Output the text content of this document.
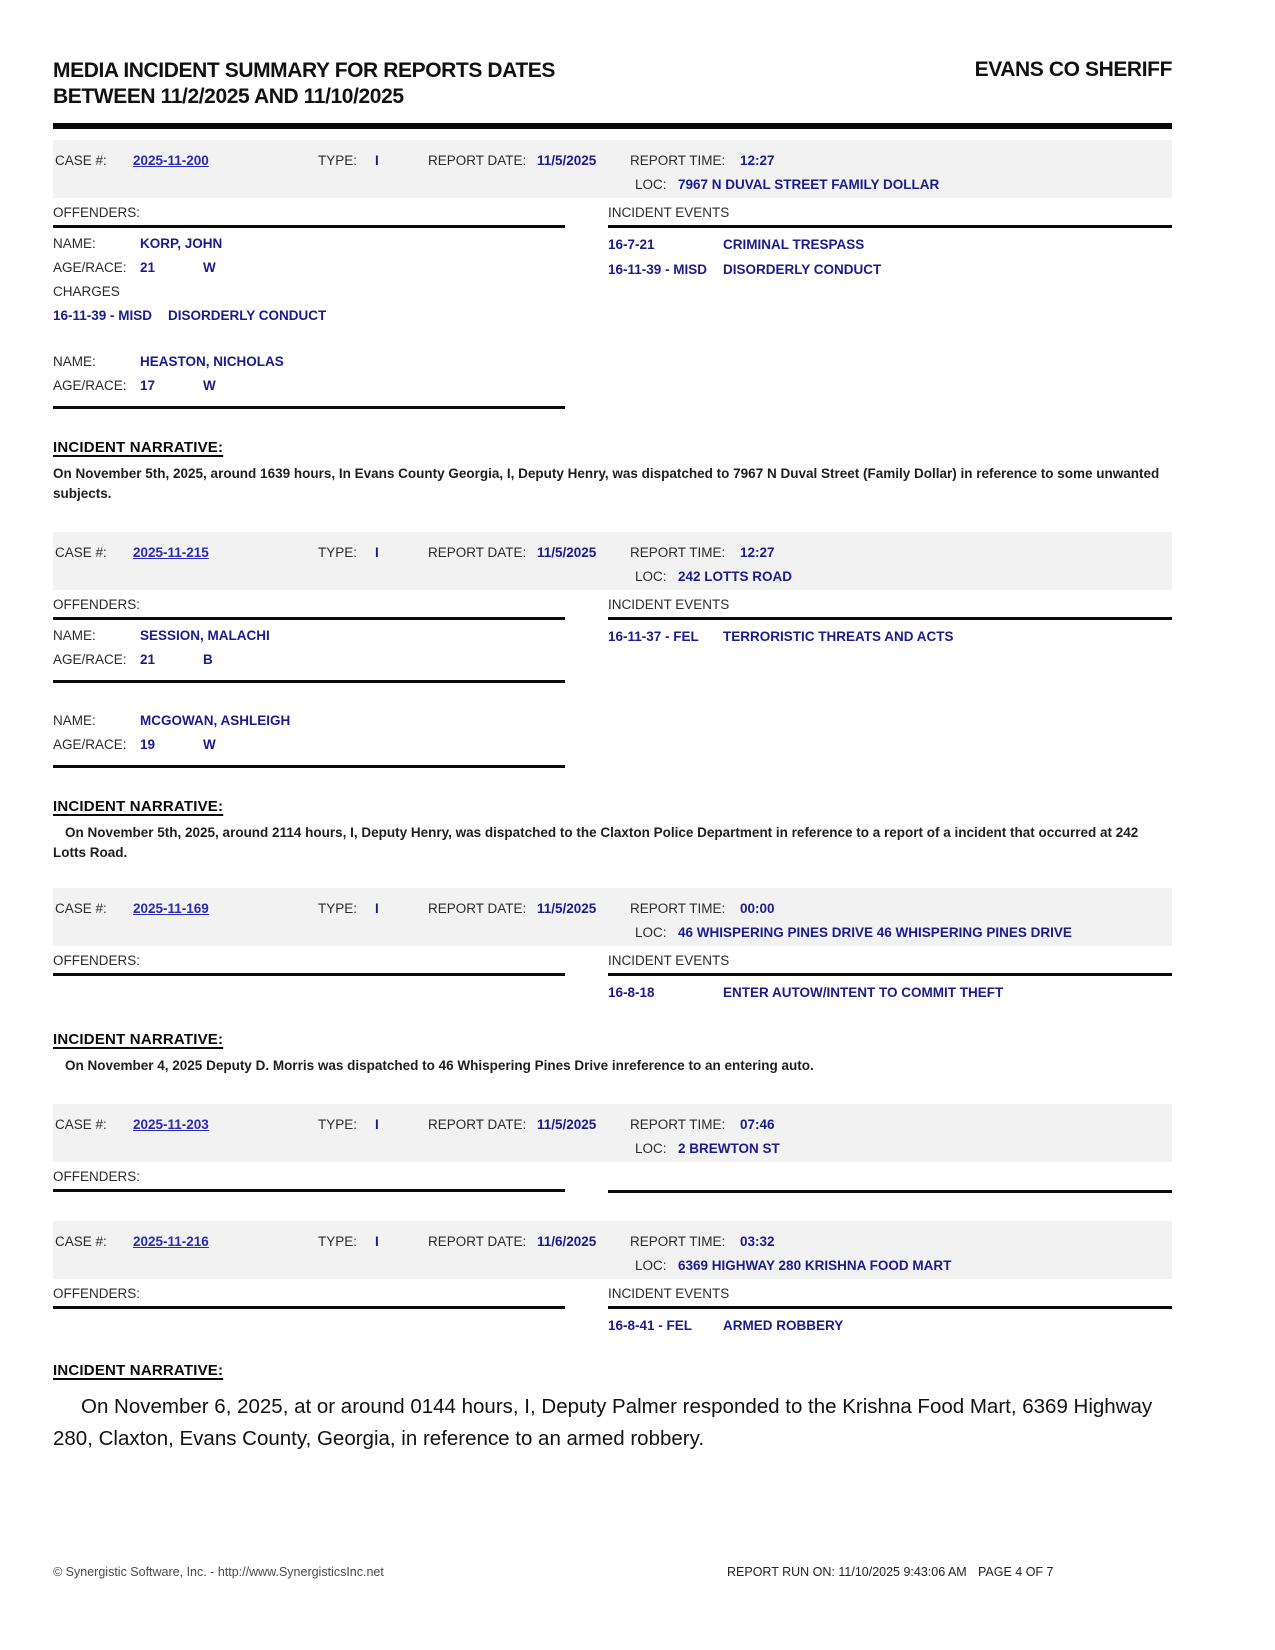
MEDIA INCIDENT SUMMARY FOR REPORTS DATES
BETWEEN 11/2/2025 AND 11/10/2025
EVANS CO SHERIFF
CASE #: 2025-11-200	TYPE: I	REPORT DATE: 11/5/2025 REPORT TIME: 12:27
LOC: 7967 N DUVAL STREET FAMILY DOLLAR
OFFENDERS:
NAME:	KORP, JOHN
AGE/RACE: 21	W
CHARGES
16-11-39 - MISD DISORDERLY CONDUCT
NAME:	HEASTON, NICHOLAS
AGE/RACE: 17	W
INCIDENT EVENTS
16-7-21	CRIMINAL TRESPASS
16-11-39 - MISD DISORDERLY CONDUCT
INCIDENT NARRATIVE:

On November 5th, 2025, around 1639 hours, In Evans County Georgia, I, Deputy Henry, was dispatched to 7967 N Duval Street (Family Dollar) in reference to some unwanted subjects.

CASE #: 2025-11-215	TYPE: I	REPORT DATE: 11/5/2025 REPORT TIME: 12:27
LOC: 242 LOTTS ROAD
OFFENDERS:
NAME:	SESSION, MALACHI
AGE/RACE: 21	B
NAME:	MCGOWAN, ASHLEIGH
AGE/RACE: 19	W
INCIDENT EVENTS
16-11-37 - FEL TERRORISTIC THREATS AND ACTS
INCIDENT NARRATIVE:

On November 5th, 2025, around 2114 hours, I, Deputy Henry, was dispatched to the Claxton Police Department in reference to a report of a incident that occurred at 242 Lotts Road.

CASE #: 2025-11-169	TYPE: I	REPORT DATE: 11/5/2025 REPORT TIME: 00:00
LOC: 46 WHISPERING PINES DRIVE 46 WHISPERING PINES DRIVE
OFFENDERS:	INCIDENT EVENTS
16-8-18	ENTER AUTOW/INTENT TO COMMIT THEFT
INCIDENT NARRATIVE:

On November 4, 2025 Deputy D. Morris was dispatched to 46 Whispering Pines Drive inreference to an entering auto.

CASE #: 2025-11-203	TYPE: I	REPORT DATE: 11/5/2025 REPORT TIME: 07:46
LOC: 2 BREWTON ST
OFFENDERS:
CASE #: 2025-11-216	TYPE: I	REPORT DATE: 11/6/2025 REPORT TIME: 03:32
LOC: 6369 HIGHWAY 280 KRISHNA FOOD MART
OFFENDERS:	INCIDENT EVENTS
16-8-41 - FEL ARMED ROBBERY
INCIDENT NARRATIVE:

On November 6, 2025, at or around 0144 hours, I, Deputy Palmer responded to the Krishna Food Mart, 6369 Highway 280, Claxton, Evans County, Georgia, in reference to an armed robbery.

© Synergistic Software, Inc. - http://www.SynergisticsInc.net	REPORT RUN ON: 11/10/2025 9:43:06 AM PAGE 4 OF 7
